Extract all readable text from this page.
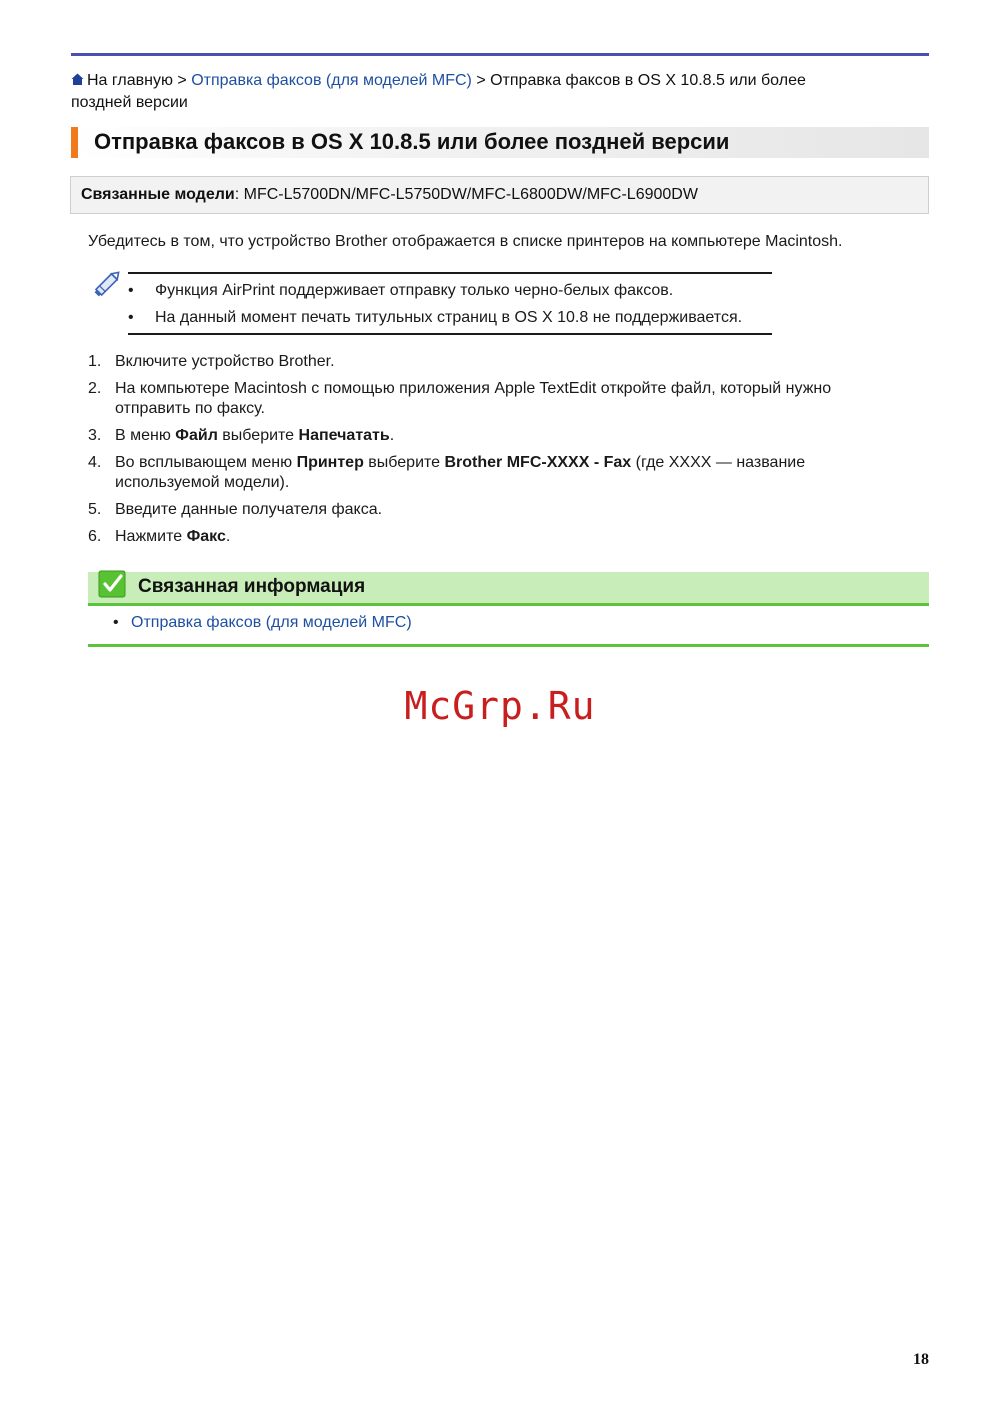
На главную > Отправка факсов (для моделей MFC) > Отправка факсов в OS X 10.8.5 или более
поздней версии
Отправка факсов в OS X 10.8.5 или более поздней версии
Связанные модели: MFC-L5700DN/MFC-L5750DW/MFC-L6800DW/MFC-L6900DW
Убедитесь в том, что устройство Brother отображается в списке принтеров на компьютере Macintosh.
• Функция AirPrint поддерживает отправку только черно-белых факсов.
• На данный момент печать титульных страниц в OS X 10.8 не поддерживается.
1. Включите устройство Brother.
2. На компьютере Macintosh с помощью приложения Apple TextEdit откройте файл, который нужно отправить по факсу.
3. В меню Файл выберите Напечатать.
4. Во всплывающем меню Принтер выберите Brother MFC-XXXX - Fax (где XXXX — название используемой модели).
5. Введите данные получателя факса.
6. Нажмите Факс.
Связанная информация
• Отправка факсов (для моделей MFC)
McGrp.Ru
18
